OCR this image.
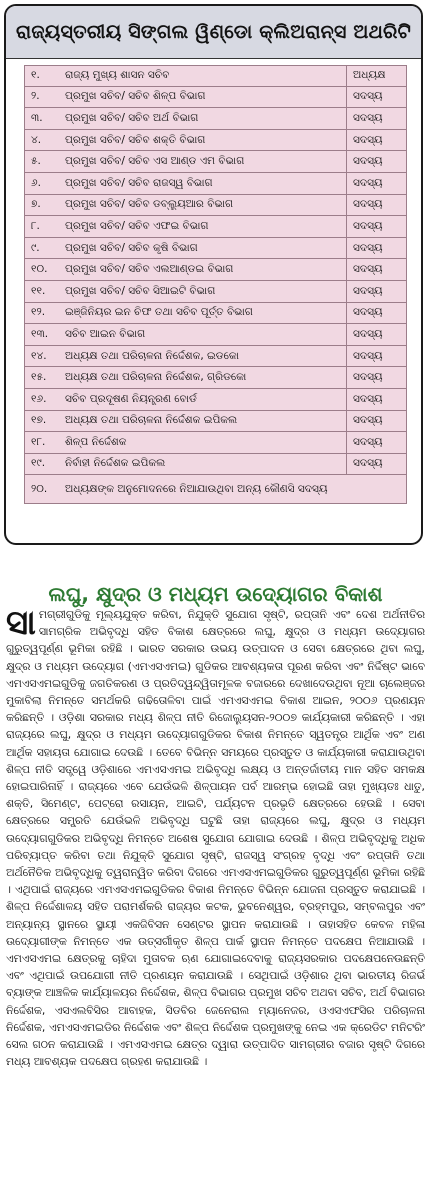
ରାଜ୍ୟସ୍ତରୀୟ ସିଙ୍ଗଲ ୱିଣ୍ଡୋ କ୍ଲିଅରାନ୍ସ ଅଥରିଟି
୧.	ରାଜ୍ୟ ମୁଖ୍ୟ ଶାସନ ସଚିବ	ଅଧ୍ୟକ୍ଷ
୨.	ପ୍ରମୁଖ ସଚିବ/ ସଚିବ ଶିଳ୍ପ ବିଭାଗ	ସଦସ୍ୟ
୩.	ପ୍ରମୁଖ ସଚିବ/ ସଚିବ ଅର୍ଥ ବିଭାଗ	ସଦସ୍ୟ
୪.	ପ୍ରମୁଖ ସଚିବ/ ସଚିବ ଶକ୍ତି ବିଭାଗ	ସଦସ୍ୟ
୫.	ପ୍ରମୁଖ ସଚିବ/ ସଚିବ ଏସ ଆଣ୍ଡ ଏମ ବିଭାଗ	ସଦସ୍ୟ
୬.	ପ୍ରମୁଖ ସଚିବ/ ସଚିବ ରାଜସ୍ୱ ବିଭାଗ	ସଦସ୍ୟ
୭.	ପ୍ରମୁଖ ସଚିବ/ ସଚିବ ଡବ୍ଲ୍ୟୁଆର ବିଭାଗ	ସଦସ୍ୟ
୮.	ପ୍ରମୁଖ ସଚିବ/ ସଚିବ ଏଫଇ ବିଭାଗ	ସଦସ୍ୟ
୯.	ପ୍ରମୁଖ ସଚିବ/ ସଚିବ କୃଷି ବିଭାଗ	ସଦସ୍ୟ
୧୦.	ପ୍ରମୁଖ ସଚିବ/ ସଚିବ ଏଲଆଣ୍ଡଇ ବିଭାଗ	ସଦସ୍ୟ
୧୧.	ପ୍ରମୁଖ ସଚିବ/ ସଚିବ ସିଆଇଟି ବିଭାଗ	ସଦସ୍ୟ
୧୨.	ଇଞ୍ଜିନିୟର ଇନ ଚିଫ ତଥା ସଚିବ ପୂର୍ତ୍ତ ବିଭାଗ	ସଦସ୍ୟ
୧୩.	ସଚିବ ଆଇନ ବିଭାଗ	ସଦସ୍ୟ
୧୪.	ଅଧ୍ୟକ୍ଷ ତଥା ପରିଚାଳନା ନିର୍ଦ୍ଦେଶକ, ଇଡକୋ	ସଦସ୍ୟ
୧୫.	ଅଧ୍ୟକ୍ଷ ତଥା ପରିଚାଳନା ନିର୍ଦ୍ଦେଶକ, ଗ୍ରିଡକୋ	ସଦସ୍ୟ
୧୬.	ସଚିବ ପ୍ରଦୂଷଣ ନିୟନ୍ତ୍ରଣ ବୋର୍ଡ	ସଦସ୍ୟ
୧୭.	ଅଧ୍ୟକ୍ଷ ତଥା ପରିଚାଳନା ନିର୍ଦ୍ଦେଶକ ଇପିକଲ	ସଦସ୍ୟ
୧୮.	ଶିଳ୍ପ ନିର୍ଦ୍ଦେଶକ	ସଦସ୍ୟ
୧୯.	ନିର୍ବାହୀ ନିର୍ଦ୍ଦେଶକ ଇପିକଲ	ସଦସ୍ୟ
୨୦.	ଅଧ୍ୟକ୍ଷଙ୍କ ଅନୁମୋଦନରେ ନିଆଯାଉଥିବା ଅନ୍ୟ କୌଣସି ସଦସ୍ୟ
ଲଘୁ, କ୍ଷୁଦ୍ର ଓ ମଧ୍ୟମ ଉଦ୍ୟୋଗର ବିକାଶ
ସାମଗ୍ରୀଗୁଡିକୁ ମୂଲ୍ୟଯୁକ୍ତ କରିବା, ନିଯୁକ୍ତି ସୁଯୋଗ ସୃଷ୍ଟି, ରପ୍ତାନି ଏବଂ ଦେଶ ଅର୍ଥନୀତିର ସାମଗ୍ରିକ ଅଭିବୃଦ୍ଧି ସହିତ ବିକାଶ କ୍ଷେତ୍ରରେ ଲଘୁ, କ୍ଷୁଦ୍ର ଓ ମଧ୍ୟମ ଉଦ୍ୟୋଗର ଗୁରୁତ୍ୱପୂର୍ଣ୍ଣ ଭୂମିକା ରହିଛି । ଭାରତ ସରକାର ଉଭୟ ଉତ୍ପାଦନ ଓ ସେବା କ୍ଷେତ୍ରରେ ଥିବା ଲଘୁ, କ୍ଷୁଦ୍ର ଓ ମଧ୍ୟମ ଉଦ୍ୟୋଗ (ଏମଏସଏମଇ) ଗୁଡିକର ଆବଶ୍ୟକତା ପୂରଣ କରିବା ଏବଂ ନିର୍ଦ୍ଦିଷ୍ଟ ଭାବେ ଏମଏସଏମଇଗୁଡିକୁ ଜଗତିକରଣ ଓ ପ୍ରତିଦ୍ୱନ୍ଦ୍ୱିତାମୂଳକ ବଜାରରେ ଦେଖାଦେଉଥିବା ନୂଆ ଚାଲେଞ୍ଜର ମୁକାବିଲା ନିମନ୍ତେ ସମର୍ଥକରି ଗଢିତୋଳିବା ପାଇଁ ଏମଏସଏମଇ ବିକାଶ ଆଇନ, ୨୦୦୬ ପ୍ରଣୟନ କରିଛନ୍ତି । ଓଡ଼ିଶା ସରକାର ମଧ୍ୟ ଶିଳ୍ପ ନୀତି ରିଜୋଲ୍ୟୁସନ-୨୦୦୭ କାର୍ଯ୍ୟକାରୀ କରିଛନ୍ତି । ଏହା ରାଜ୍ୟରେ ଲଘୁ, କ୍ଷୁଦ୍ର ଓ ମଧ୍ୟମ ଉଦ୍ୟୋଗଗୁଡିକର ବିକାଶ ନିମନ୍ତେ ସ୍ୱତନ୍ତ୍ର ଆର୍ଥିକ ଏବଂ ଅଣ ଆର୍ଥିକ ସହାୟତା ଯୋଗାଇ ଦେଉଛି । ତେବେ ବିଭିନ୍ନ ସମୟରେ ପ୍ରସ୍ତୁତ ଓ କାର୍ଯ୍ୟକାରୀ କରାଯାଉଥିବା ଶିଳ୍ପ ନୀତି ସତ୍ତ୍ୱେ ଓଡ଼ିଶାରେ ଏମଏସଏମଇ ଅଭିବୃଦ୍ଧି ଲକ୍ଷ୍ୟ ଓ ଅନ୍ତର୍ଜାତୀୟ ମାନ ସହିତ ସମକକ୍ଷ ହୋଇପାରିନାହିଁ । ରାଜ୍ୟରେ ଏବେ ଯେଉଁଭଳି ଶିଳ୍ପାୟନ ପର୍ବ ଆରମ୍ଭ ହୋଇଛି ତାହା ମୁଖ୍ୟତଃ ଧାତୁ, ଶକ୍ତି, ସିମେଣ୍ଟ, ପେଟ୍ରୋ ରସାୟନ, ଆଇଟି, ପର୍ଯ୍ୟଟନ ପ୍ରଭୃତି କ୍ଷେତ୍ରରେ ହେଉଛି । ସେବା କ୍ଷେତ୍ରରେ ସମ୍ପ୍ରତି ଯେଉଁଭଳି ଅଭିବୃଦ୍ଧି ଘଟୁଛି ତାହା ରାଜ୍ୟରେ ଲଘୁ, କ୍ଷୁଦ୍ର ଓ ମଧ୍ୟମ ଉଦ୍ୟୋଗଗୁଡିକର ଅଭିବୃଦ୍ଧି ନିମନ୍ତେ ଅଶେଷ ସୁଯୋଗ ଯୋଗାଇ ଦେଉଛି । ଶିଳ୍ପ ଅଭିବୃଦ୍ଧିକୁ ଅଧିକ ପରିବ୍ୟାପ୍ତ କରିବା ତଥା ନିଯୁକ୍ତି ସୁଯୋଗ ସୃଷ୍ଟି, ରାଜସ୍ୱ ସଂଗ୍ରହ ବୃଦ୍ଧି ଏବଂ ରପ୍ତାନି ତଥା ଅର୍ଥନୈତିକ ଅଭିବୃଦ୍ଧିକୁ ତ୍ୱରାନ୍ୱିତ କରିବା ଦିଗରେ ଏମଏସଏମଇଗୁଡିକର ଗୁରୁତ୍ୱପୂର୍ଣ୍ଣ ଭୂମିକା ରହିଛି । ଏଥିପାଇଁ ରାଜ୍ୟରେ ଏମଏସଏମଇଗୁଡିକର ବିକାଶ ନିମନ୍ତେ ବିଭିନ୍ନ ଯୋଜନା ପ୍ରସ୍ତୁତ କରାଯାଇଛି । ଶିଳ୍ପ ନିର୍ଦ୍ଦେଶାଳୟ ସହିତ ପରାମର୍ଶକରି ରାଜ୍ୟର କଟକ, ଭୁବନେଶ୍ୱର, ବ୍ରହ୍ମପୁର, ସମ୍ବଲପୁର ଏବଂ ଅନ୍ୟାନ୍ୟ ସ୍ଥାନରେ ସ୍ଥାୟୀ ଏକଜିବିସନ ସେଣ୍ଟର ସ୍ଥାପନ କରାଯାଉଛି । ତାହାସହିତ କେବଳ ମହିଳା ଉଦ୍ୟୋଗୀଙ୍କ ନିମନ୍ତେ ଏକ ଉତ୍ସର୍ଗୀକୃତ ଶିଳ୍ପ ପାର୍କ ସ୍ଥାପନ ନିମନ୍ତେ ପଦକ୍ଷେପ ନିଆଯାଉଛି । ଏମଏସଏମଇ କ୍ଷେତ୍ରକୁ ଚାହିଦା ମୁତାବକ ଋଣ ଯୋଗାଇଦେବାକୁ ରାଜ୍ୟସରକାର ପଦକ୍ଷେପନେଉଛନ୍ତି ଏବଂ ଏଥିପାଇଁ ଉପଯୋଗୀ ନୀତି ପ୍ରଣୟନ କରାଯାଉଛି । ସେଥିପାଇଁ ଓଡ଼ିଶାର ଥିବା ଭାରତୀୟ ରିଜର୍ଭ ବ୍ୟାଙ୍କ ଆଞ୍ଚଳିକ କାର୍ଯ୍ୟାଳୟର ନିର୍ଦ୍ଦେଶକ, ଶିଳ୍ପ ବିଭାଗର ପ୍ରମୁଖ ସଚିବ ଅଥବା ସଚିବ, ଅର୍ଥ ବିଭାଗର ନିର୍ଦ୍ଦେଶକ, ଏସଏଲବିସିର ଆବାହକ, ସିଡବିର ଜେନେରାଲ ମ୍ୟାନେଜର, ଓଏସଏଫସିର ପରିଚାଳନା ନିର୍ଦ୍ଦେଶକ, ଏମଏସଏମଇଡିର ନିର୍ଦ୍ଦେଶକ ଏବଂ ଶିଳ୍ପ ନିର୍ଦ୍ଦେଶକ ପ୍ରମୁଖଙ୍କୁ ନେଇ ଏକ କ୍ରେଡିଟ ମନିଟରିଂ ସେଲ ଗଠନ କରାଯାଉଛି । ଏମଏସଏମଇ କ୍ଷେତ୍ର ଦ୍ୱାରା ଉତ୍ପାଦିତ ସାମଗ୍ରୀର ବଜାର ସୃଷ୍ଟି ଦିଗରେ ମଧ୍ୟ ଆବଶ୍ୟକ ପଦକ୍ଷେପ ଗ୍ରହଣ କରାଯାଉଛି ।
